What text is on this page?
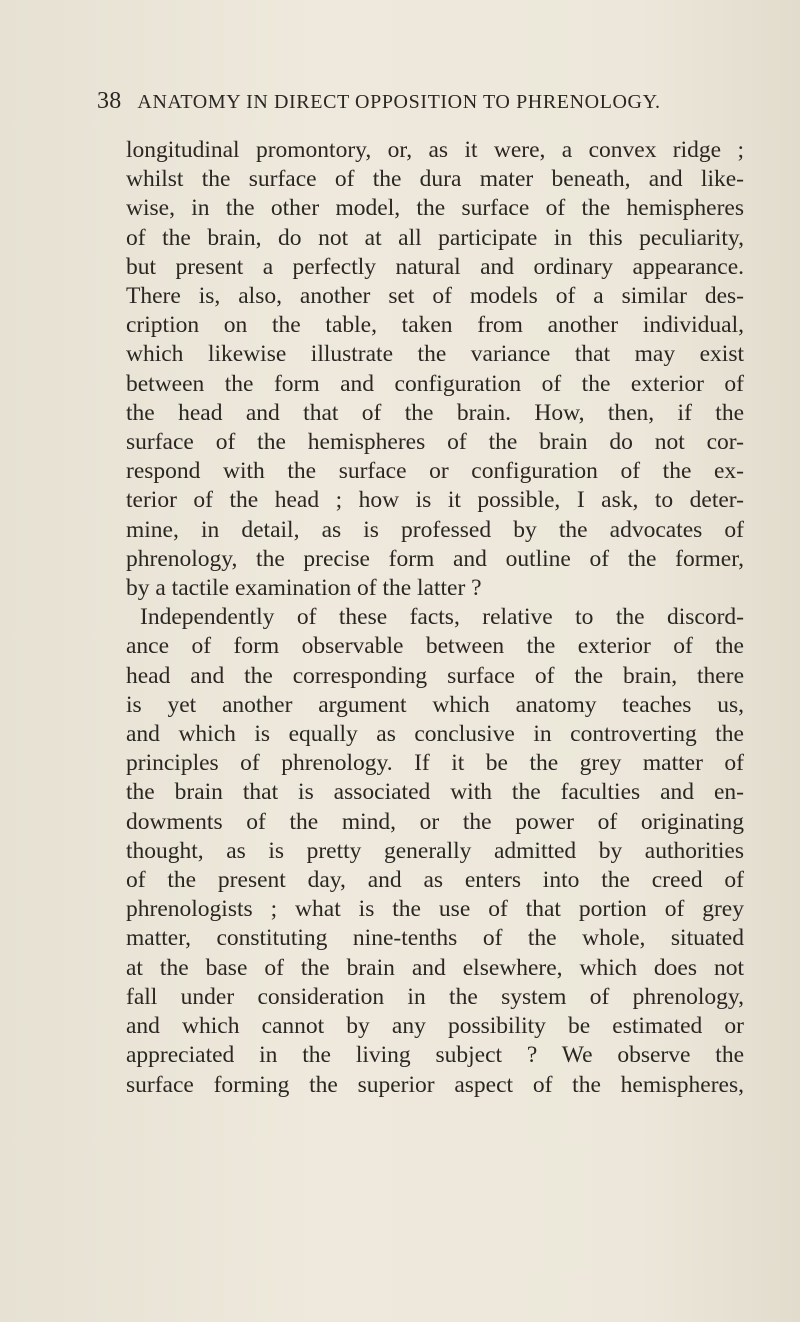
38 ANATOMY IN DIRECT OPPOSITION TO PHRENOLOGY.
longitudinal promontory, or, as it were, a convex ridge ;
whilst the surface of the dura mater beneath, and like-
wise, in the other model, the surface of the hemispheres
of the brain, do not at all participate in this peculiarity,
but present a perfectly natural and ordinary appearance.
There is, also, another set of models of a similar des-
cription on the table, taken from another individual,
which likewise illustrate the variance that may exist
between the form and configuration of the exterior of
the head and that of the brain. How, then, if the
surface of the hemispheres of the brain do not cor-
respond with the surface or configuration of the ex-
terior of the head ; how is it possible, I ask, to deter-
mine, in detail, as is professed by the advocates of
phrenology, the precise form and outline of the former,
by a tactile examination of the latter ?
Independently of these facts, relative to the discord-
ance of form observable between the exterior of the
head and the corresponding surface of the brain, there
is yet another argument which anatomy teaches us,
and which is equally as conclusive in controverting the
principles of phrenology. If it be the grey matter of
the brain that is associated with the faculties and en-
dowments of the mind, or the power of originating
thought, as is pretty generally admitted by authorities
of the present day, and as enters into the creed of
phrenologists ; what is the use of that portion of grey
matter, constituting nine-tenths of the whole, situated
at the base of the brain and elsewhere, which does not
fall under consideration in the system of phrenology,
and which cannot by any possibility be estimated or
appreciated in the living subject ? We observe the
surface forming the superior aspect of the hemispheres,
